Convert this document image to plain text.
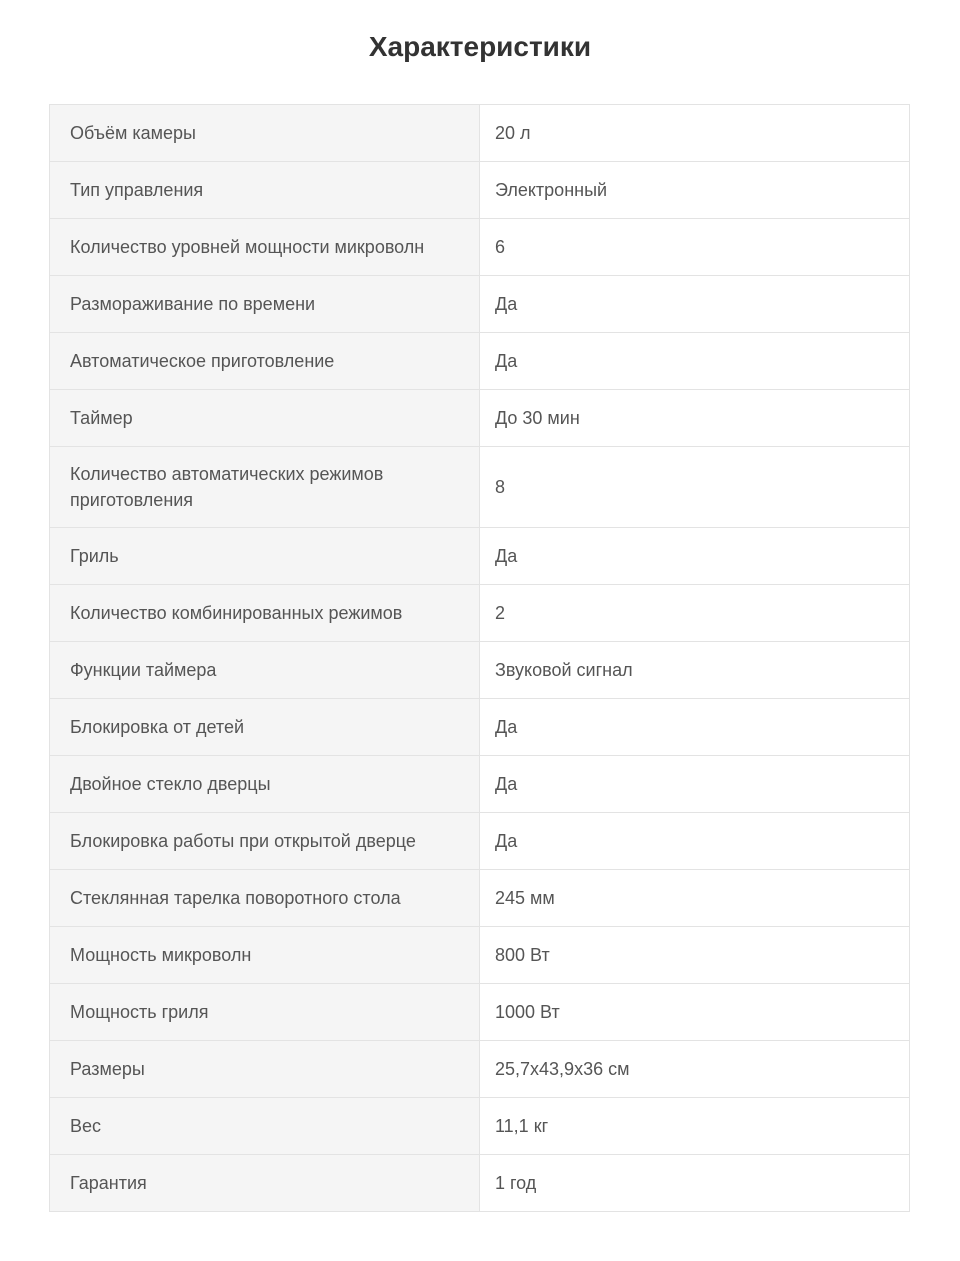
Характеристики
Объём камеры	20 л
Тип управления	Электронный
Количество уровней мощности микроволн	6
Размораживание по времени	Да
Автоматическое приготовление	Да
Таймер	До 30 мин
Количество автоматических режимов приготовления	8
Гриль	Да
Количество комбинированных режимов	2
Функции таймера	Звуковой сигнал
Блокировка от детей	Да
Двойное стекло дверцы	Да
Блокировка работы при открытой дверце	Да
Стеклянная тарелка поворотного стола	245 мм
Мощность микроволн	800 Вт
Мощность гриля	1000 Вт
Размеры	25,7x43,9x36 см
Вес	11,1 кг
Гарантия	1 год
